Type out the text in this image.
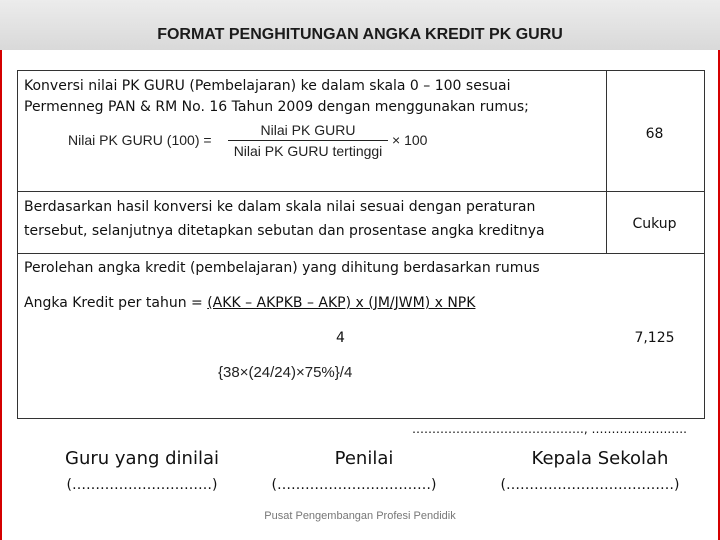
FORMAT PENGHITUNGAN ANGKA KREDIT PK GURU
Konversi nilai PK GURU (Pembelajaran) ke dalam skala 0 – 100 sesuai
Permenneg PAN & RM No. 16 Tahun 2009 dengan menggunakan rumus;
Nilai PK GURU (100) =
Nilai PK GURU
Nilai PK GURU tertinggi
× 100	68
Berdasarkan hasil konversi ke dalam skala nilai sesuai dengan peraturan
tersebut, selanjutnya ditetapkan sebutan dan prosentase angka kreditnya	Cukup
Perolehan angka kredit (pembelajaran) yang dihitung berdasarkan rumus
Angka Kredit per tahun = (AKK – AKPKB – AKP) x (JM/JWM) x NPK
4	7,125
{38×(24/24)×75%}/4
……………………………………., ……………….…..
Guru yang dinilai
(…………………………)
Penilai
(……………………………)
Kepala Sekolah
(………………………………)
Pusat Pengembangan Profesi Pendidik
